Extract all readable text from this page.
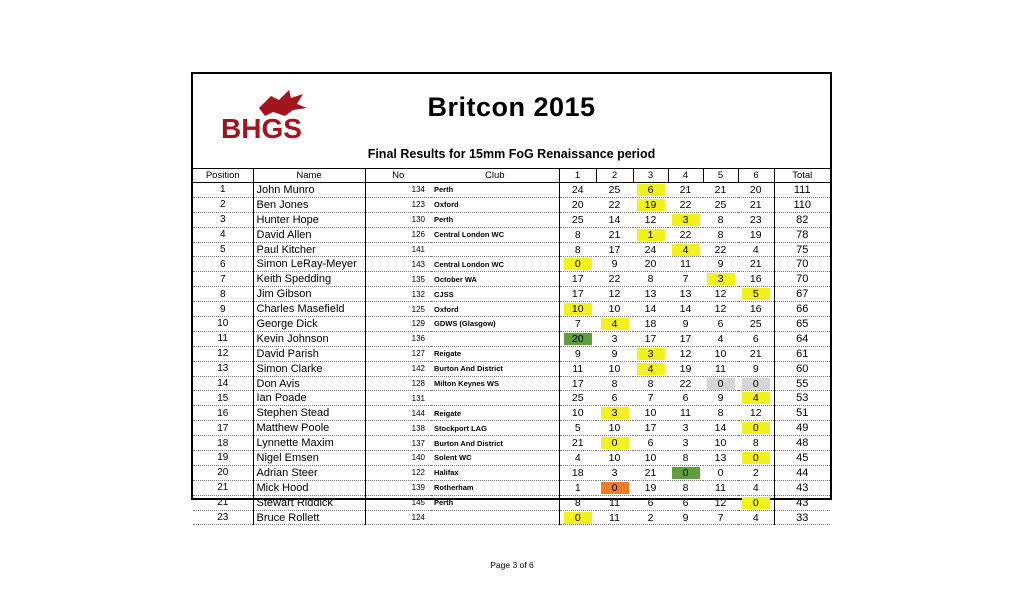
BHGS
Britcon 2015
Final Results for 15mm FoG Renaissance period
Position	Name	No	Club	1	2	3	4	5	6	Total
1	John Munro	134	Perth	24	25	6	21	21	20	111
2	Ben Jones	123	Oxford	20	22	19	22	25	21	110
3	Hunter Hope	130	Perth	25	14	12	3	8	23	82
4	David Allen	126	Central London WC	8	21	1	22	8	19	78
5	Paul Kitcher	141		8	17	24	4	22	4	75
6	Simon LeRay-Meyer	143	Central London WC	0	9	20	11	9	21	70
7	Keith Spedding	135	October WA	17	22	8	7	3	16	70
8	Jim Gibson	132	CJSS	17	12	13	13	12	5	67
9	Charles Masefield	125	Oxford	10	10	14	14	12	16	66
10	George Dick	129	GDWS (Glasgow)	7	4	18	9	6	25	65
11	Kevin Johnson	136		20	3	17	17	4	6	64
12	David Parish	127	Reigate	9	9	3	12	10	21	61
13	Simon Clarke	142	Burton And District	11	10	4	19	11	9	60
14	Don Avis	128	Milton Keynes WS	17	8	8	22	0	0	55
15	Ian Poade	131		25	6	7	6	9	4	53
16	Stephen Stead	144	Reigate	10	3	10	11	8	12	51
17	Matthew Poole	138	Stockport LAG	5	10	17	3	14	0	49
18	Lynnette Maxim	137	Burton And District	21	0	6	3	10	8	48
19	Nigel Emsen	140	Solent WC	4	10	10	8	13	0	45
20	Adrian Steer	122	Halifax	18	3	21	0	0	2	44
21	Mick Hood	139	Rotherham	1	0	19	8	11	4	43
21	Stewart Riddick	145	Perth	8	11	6	6	12	0	43
23	Bruce Rollett	124		0	11	2	9	7	4	33
Page 3 of 6
